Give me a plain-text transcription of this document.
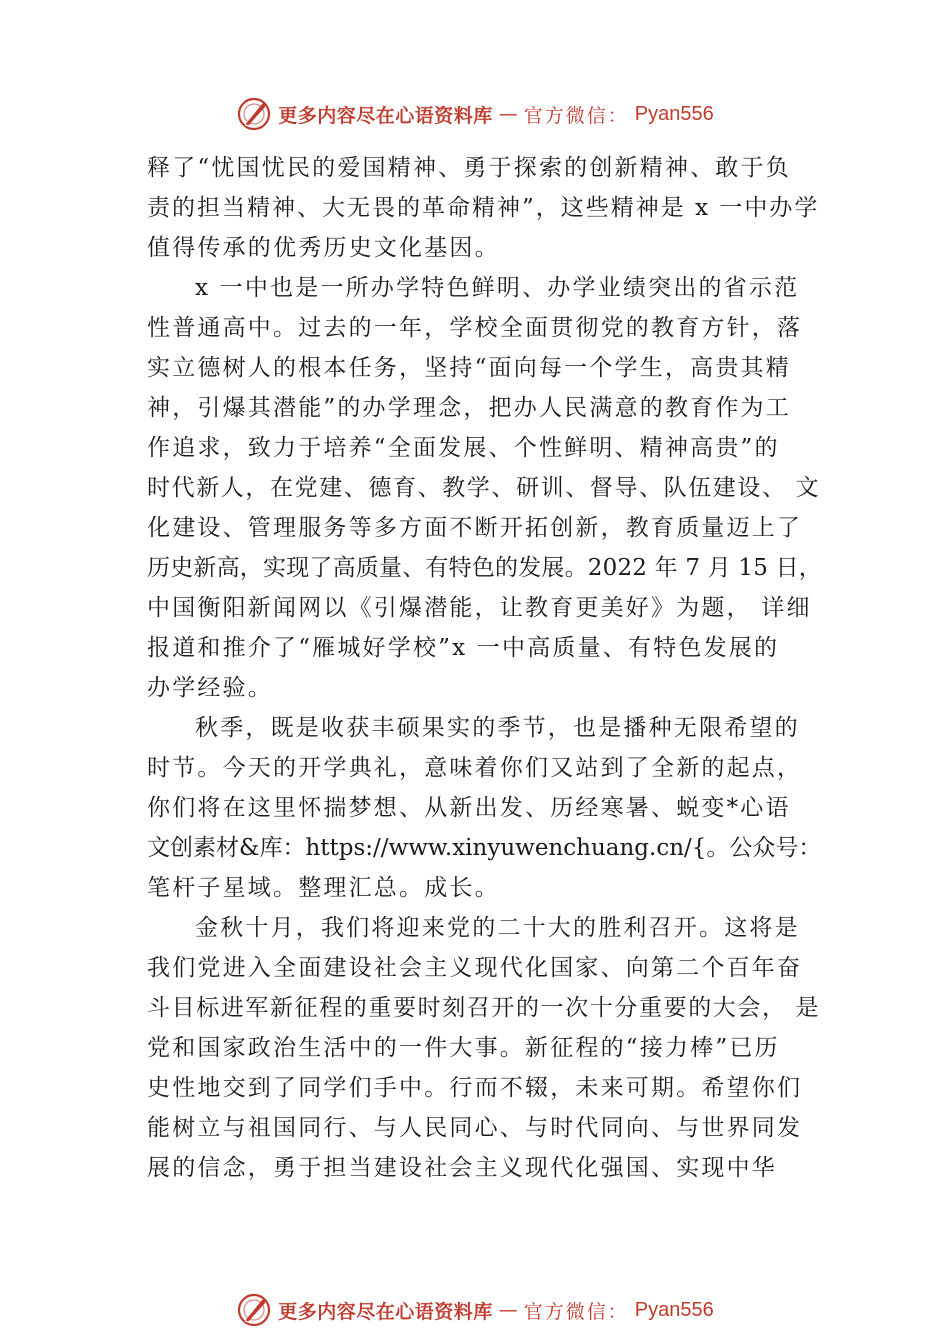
更多内容尽在心语资料库 — 官方微信： Pyan556
释了“忧国忧民的爱国精神、勇于探索的创新精神、敢于负
责的担当精神、大无畏的革命精神”，这些精神是 x 一中办学
值得传承的优秀历史文化基因。
x 一中也是一所办学特色鲜明、办学业绩突出的省示范
性普通高中。过去的一年，学校全面贯彻党的教育方针，落
实立德树人的根本任务，坚持“面向每一个学生，高贵其精
神，引爆其潜能”的办学理念，把办人民满意的教育作为工
作追求，致力于培养“全面发展、个性鲜明、精神高贵”的
时代新人，在党建、德育、教学、研训、督导、队伍建设、 文
化建设、管理服务等多方面不断开拓创新，教育质量迈上了
历史新高，实现了高质量、有特色的发展。2022 年 7 月 15 日，
中国衡阳新闻网以《引爆潜能，让教育更美好》为题， 详细
报道和推介了“雁城好学校”x 一中高质量、有特色发展的
办学经验。
秋季，既是收获丰硕果实的季节，也是播种无限希望的
时节。今天的开学典礼，意味着你们又站到了全新的起点，
你们将在这里怀揣梦想、从新出发、历经寒暑、蜕变*心语
文创素材&库：https://www.xinyuwenchuang.cn/{。公众号：
笔杆子星域。整理汇总。成长。
金秋十月，我们将迎来党的二十大的胜利召开。这将是
我们党进入全面建设社会主义现代化国家、向第二个百年奋
斗目标进军新征程的重要时刻召开的一次十分重要的大会， 是
党和国家政治生活中的一件大事。新征程的“接力棒”已历
史性地交到了同学们手中。行而不辍，未来可期。希望你们
能树立与祖国同行、与人民同心、与时代同向、与世界同发
展的信念，勇于担当建设社会主义现代化强国、实现中华
更多内容尽在心语资料库 — 官方微信： Pyan556
